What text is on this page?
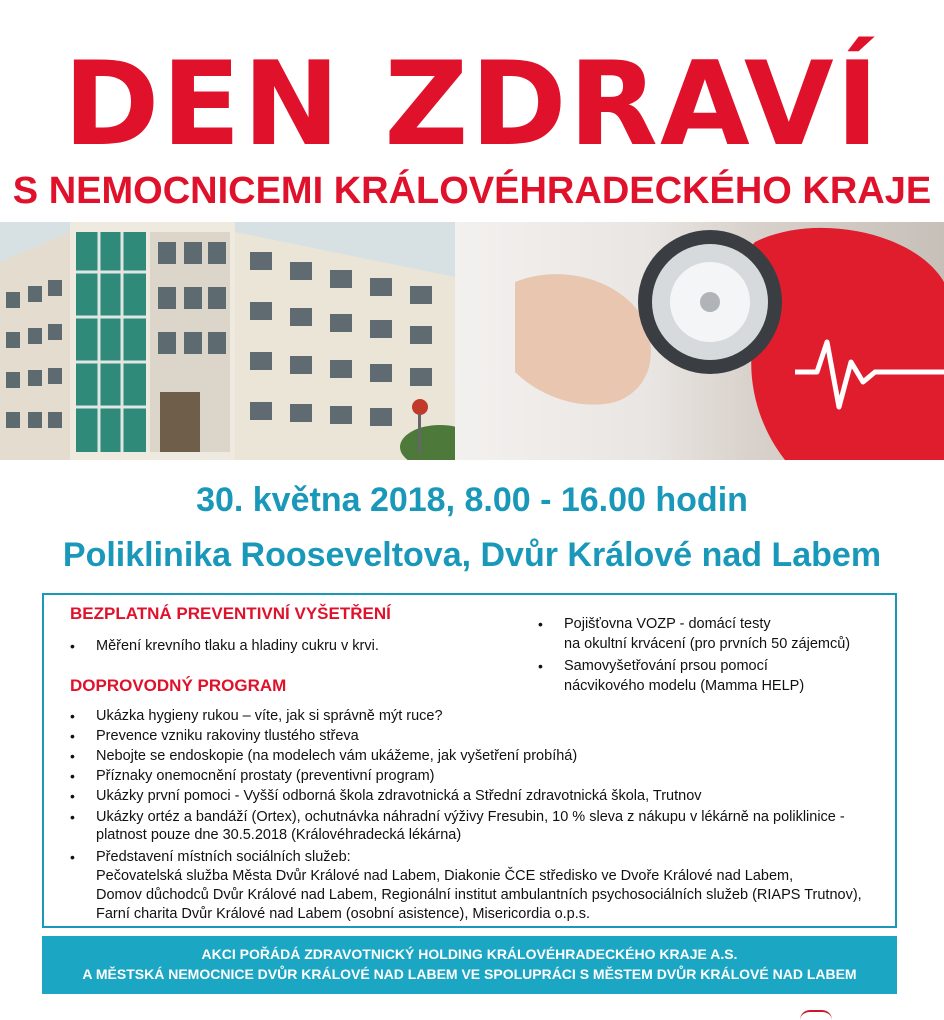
DEN ZDRAVÍ
S NEMOCNICEMI KRÁLOVÉHRADECKÉHO KRAJE
30. května 2018, 8.00 - 16.00 hodin
Poliklinika Rooseveltova, Dvůr Králové nad Labem
BEZPLATNÁ PREVENTIVNÍ VYŠETŘENÍ
• Měření krevního tlaku a hladiny cukru v krvi.
• Pojišťovna VOZP - domácí testy
na okultní krvácení (pro prvních 50 zájemců)
• Samovyšetřování prsou pomocí
nácvikového modelu (Mamma HELP)
DOPROVODNÝ PROGRAM
• Ukázka hygieny rukou – víte, jak si správně mýt ruce?
• Prevence vzniku rakoviny tlustého střeva
• Nebojte se endoskopie (na modelech vám ukážeme, jak vyšetření probíhá)
• Příznaky onemocnění prostaty (preventivní program)
• Ukázky první pomoci - Vyšší odborná škola zdravotnická a Střední zdravotnická škola, Trutnov
• Ukázky ortéz a bandáží (Ortex), ochutnávka náhradní výživy Fresubin, 10 % sleva z nákupu v lékárně na poliklinice -
platnost pouze dne 30.5.2018 (Královéhradecká lékárna)
• Představení místních sociálních služeb:
Pečovatelská služba Města Dvůr Králové nad Labem, Diakonie ČCE středisko ve Dvoře Králové nad Labem,
Domov důchodců Dvůr Králové nad Labem, Regionální institut ambulantních psychosociálních služeb (RIAPS Trutnov),
Farní charita Dvůr Králové nad Labem (osobní asistence), Misericordia o.p.s.
AKCI POŘÁDÁ ZDRAVOTNICKÝ HOLDING KRÁLOVÉHRADECKÉHO KRAJE A.S.
A MĚSTSKÁ NEMOCNICE DVŮR KRÁLOVÉ NAD LABEM VE SPOLUPRÁCI S MĚSTEM DVŮR KRÁLOVÉ NAD LABEM
